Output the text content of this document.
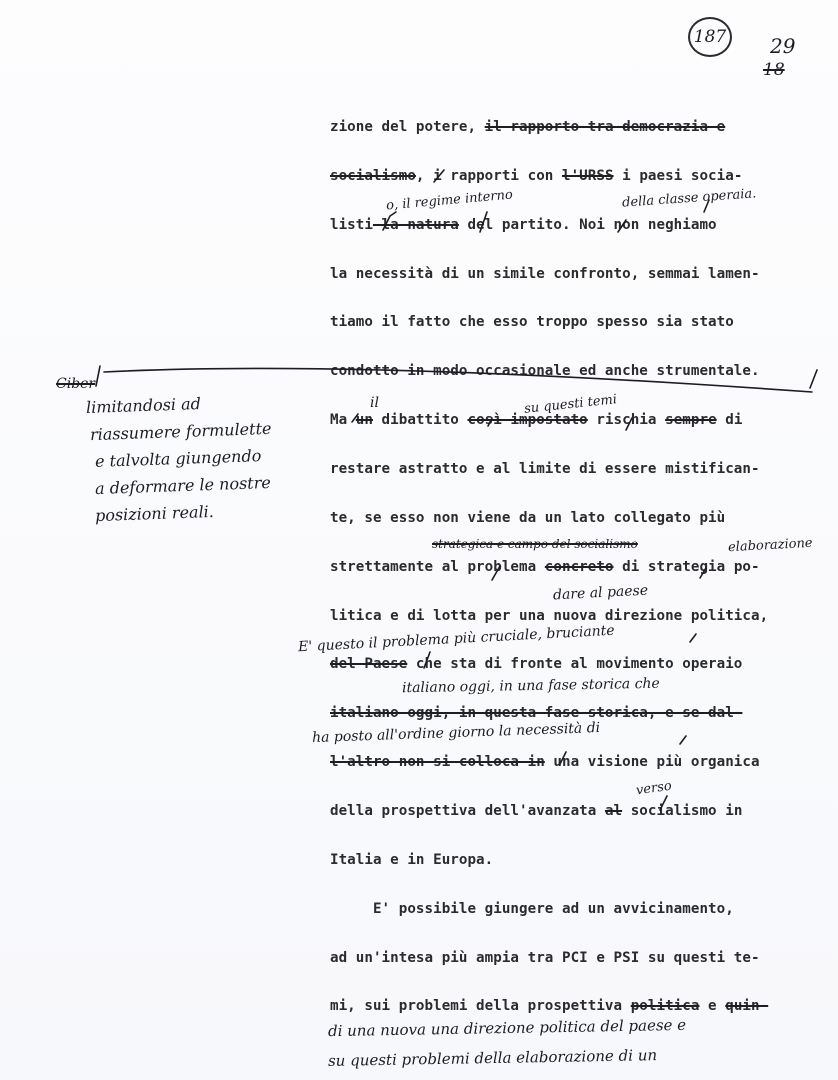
187 29
18
zione del potere, il rapporto tra democrazia e
socialismo, i rapporti con l'URSS i paesi socia-
listi la natura del partito. Noi non neghiamo
la necessità di un simile confronto, semmai lamen-
tiamo il fatto che esso troppo spesso sia stato
condotto in modo occasionale ed anche strumentale.
Ma un dibattito così impostato rischia sempre di
restare astratto e al limite di essere mistifican-
te, se esso non viene da un lato collegato più
strettamente al problema concreto di strategia po-
litica e di lotta per una nuova direzione politica,
del Paese che sta di fronte al movimento operaio
italiano oggi, in questa fase storica, e se dal-
l'altro non si colloca in una visione più organica
della prospettiva dell'avanzata al socialismo in
Italia e in Europa.
E' possibile giungere ad un avvicinamento,
ad un'intesa più ampia tra PCI e PSI su questi te-
mi, sui problemi della prospettiva politica e quin-
o, il regime interno	della classe operaia.
su questi temi
il
elaborazione
strategica e campo del socialismo
dare al paese
E' questo il problema più cruciale, bruciante
italiano oggi, in una fase storica che
ha posto all'ordine giorno la necessità di
verso
di una nuova una direzione politica del paese e
su questi problemi della elaborazione di un
Ciber
limitandosi ad
riassumere formulette
e talvolta giungendo
a deformare le nostre
posizioni reali.
